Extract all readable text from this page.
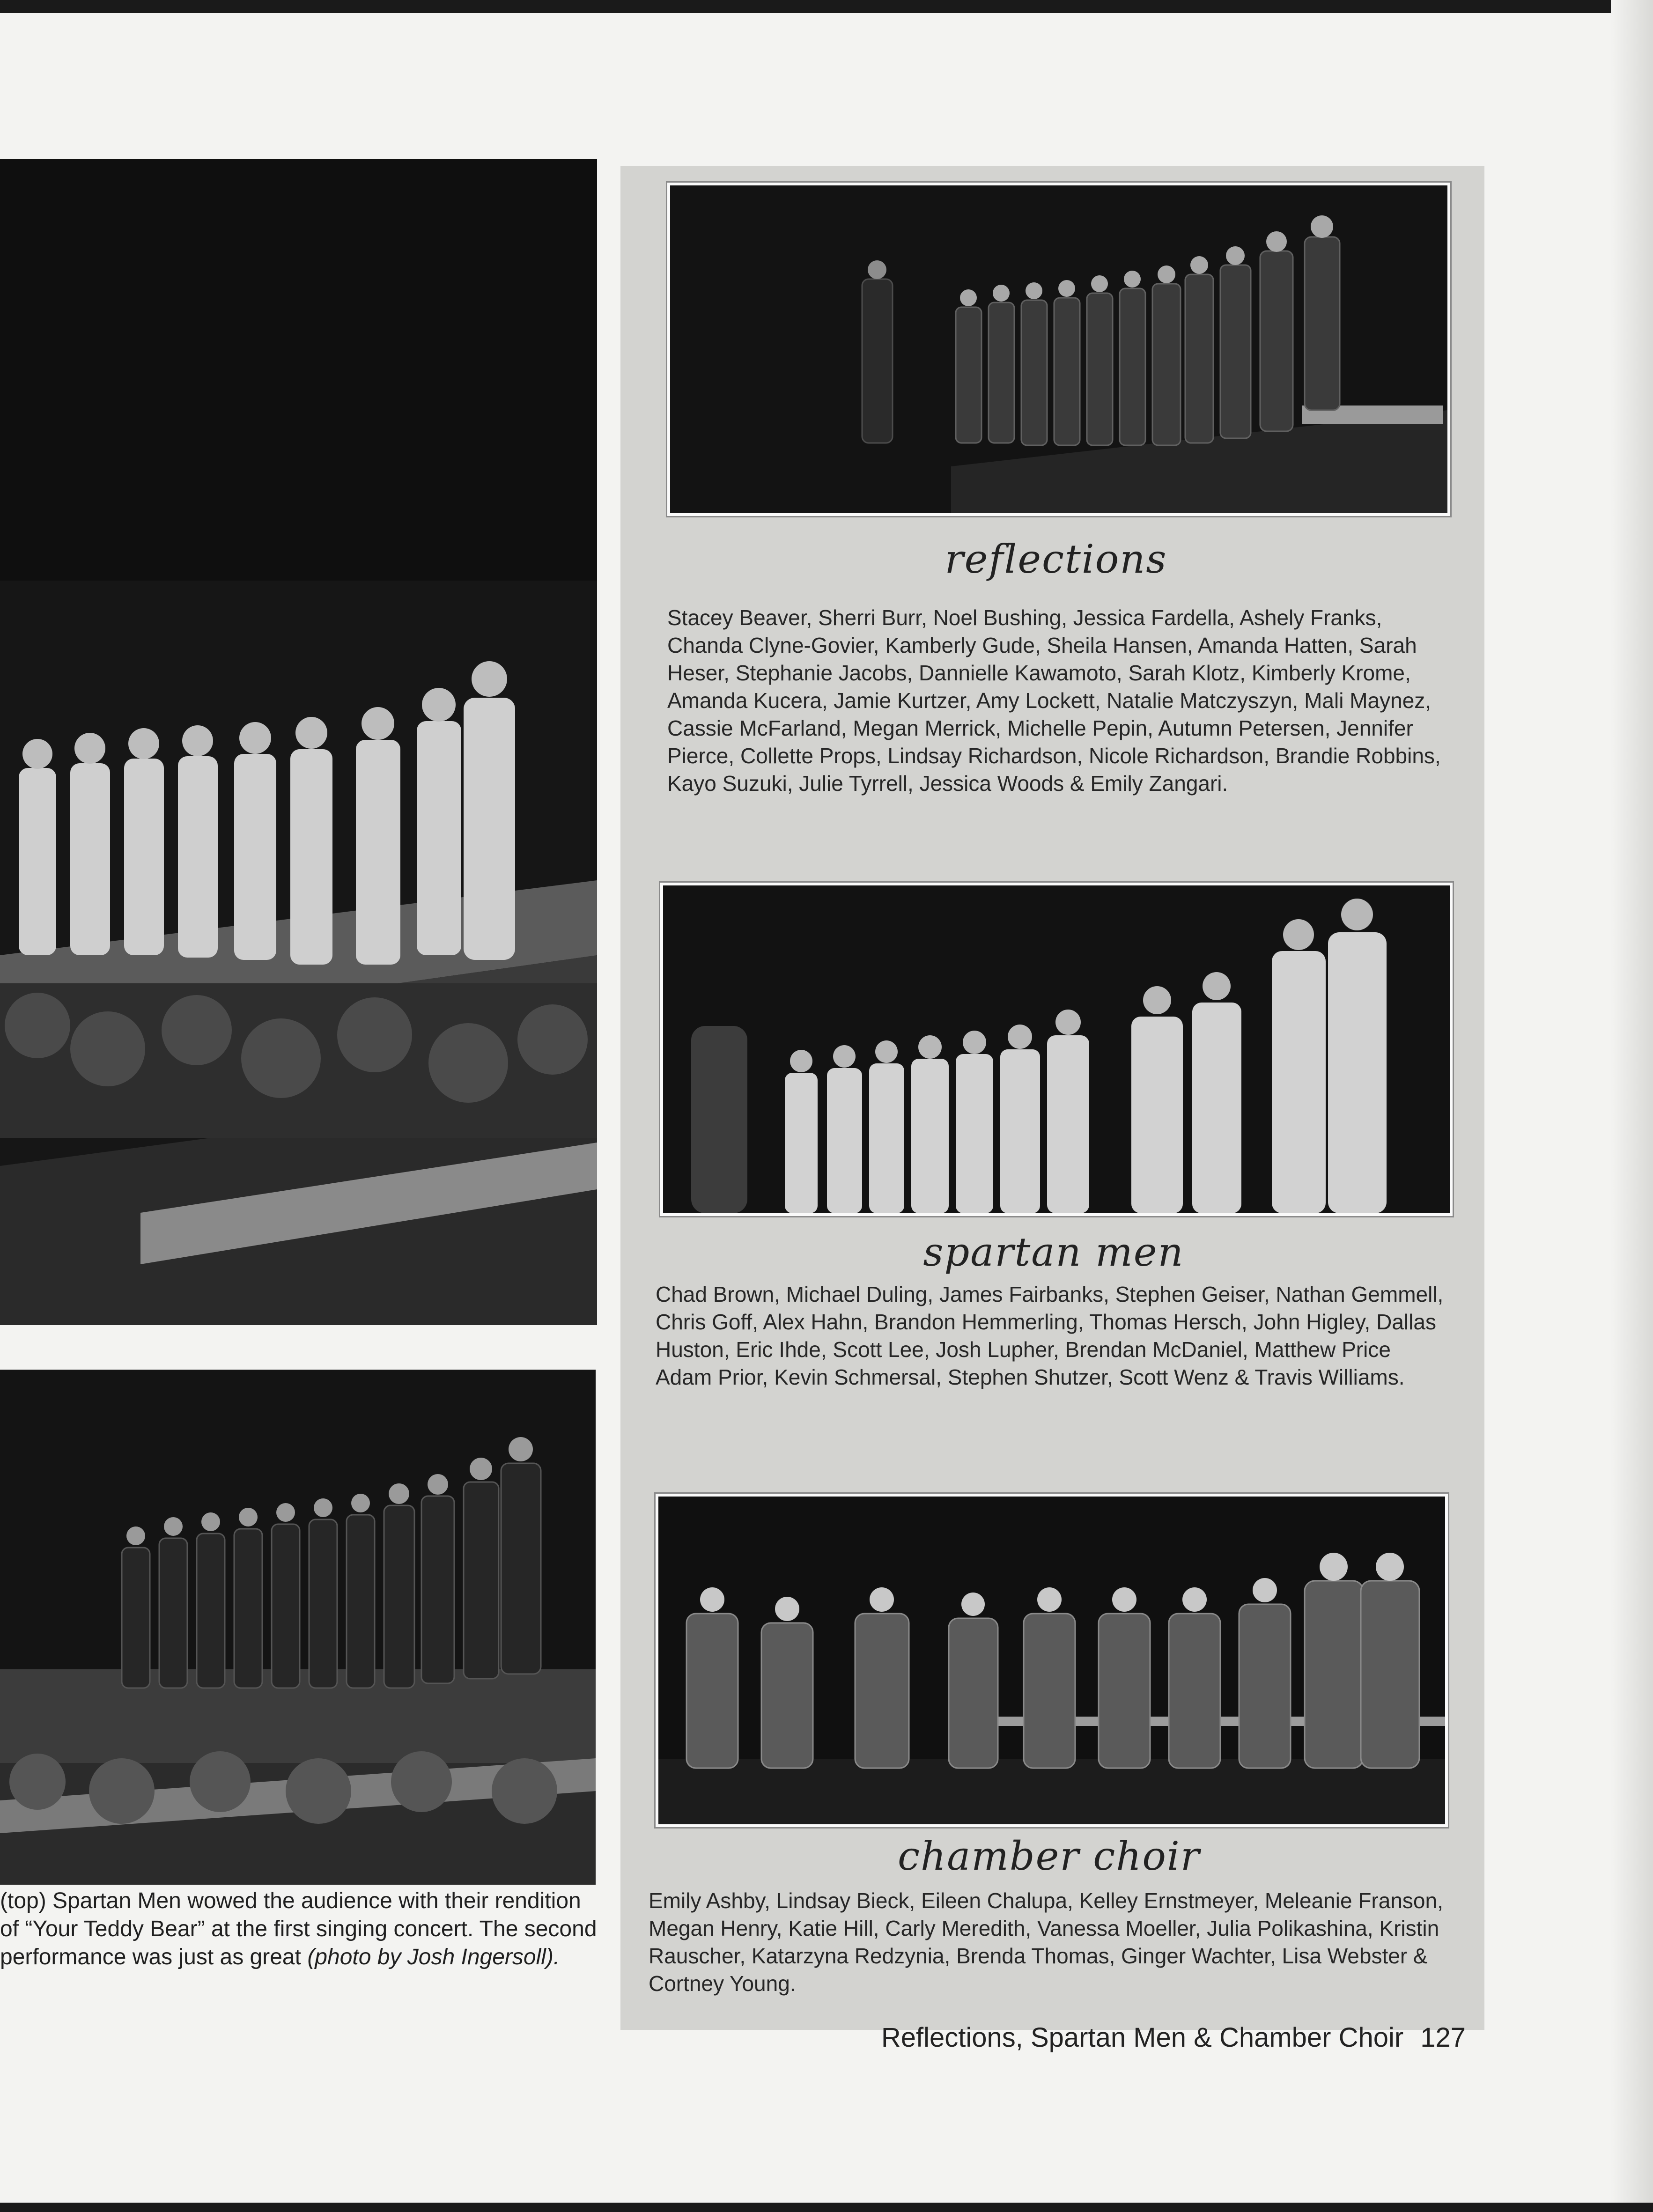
(top) Spartan Men wowed the audience with their rendition of “Your Teddy Bear” at the first singing concert. The second performance was just as great (photo by Josh Ingersoll).
reflections
Stacey Beaver, Sherri Burr, Noel Bushing, Jessica Fardella, Ashely Franks, Chanda Clyne-Govier, Kamberly Gude, Sheila Hansen, Amanda Hatten, Sarah Heser, Stephanie Jacobs, Dannielle Kawamoto, Sarah Klotz, Kimberly Krome, Amanda Kucera, Jamie Kurtzer, Amy Lockett, Natalie Matczyszyn, Mali Maynez, Cassie McFarland, Megan Merrick, Michelle Pepin, Autumn Petersen, Jennifer Pierce, Collette Props, Lindsay Richardson, Nicole Richardson, Brandie Robbins, Kayo Suzuki, Julie Tyrrell, Jessica Woods & Emily Zangari.
spartan men
Chad Brown, Michael Duling, James Fairbanks, Stephen Geiser, Nathan Gemmell, Chris Goff, Alex Hahn, Brandon Hemmerling, Thomas Hersch, John Higley, Dallas Huston, Eric Ihde, Scott Lee, Josh Lupher, Brendan McDaniel, Matthew Price Adam Prior, Kevin Schmersal, Stephen Shutzer, Scott Wenz & Travis Williams.
chamber choir
Emily Ashby, Lindsay Bieck, Eileen Chalupa, Kelley Ernstmeyer, Meleanie Franson, Megan Henry, Katie Hill, Carly Meredith, Vanessa Moeller, Julia Polikashina, Kristin Rauscher, Katarzyna Redzynia, Brenda Thomas, Ginger Wachter, Lisa Webster & Cortney Young.
Reflections, Spartan Men & Chamber Choir 127
